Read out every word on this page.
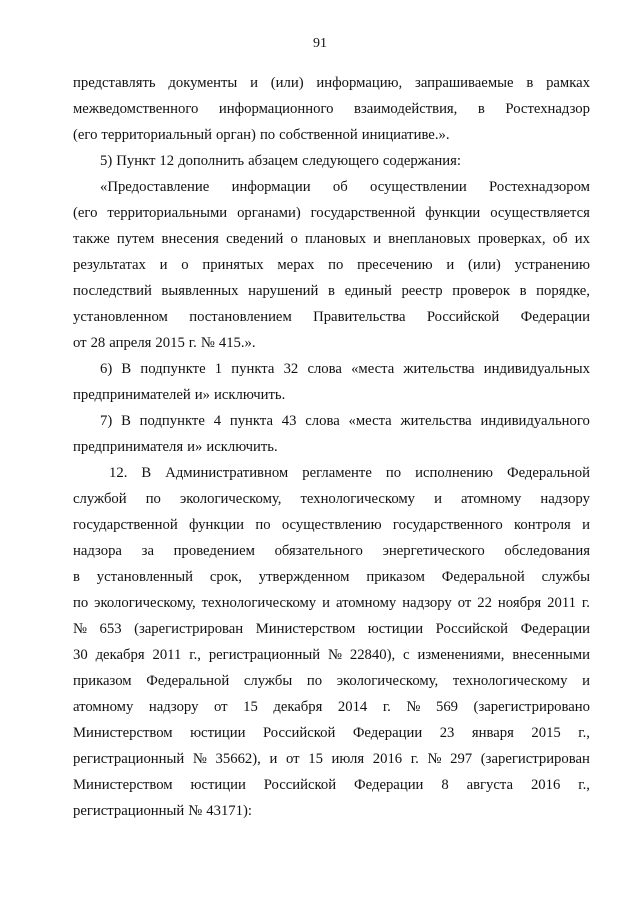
91
представлять документы и (или) информацию, запрашиваемые в рамках
межведомственного информационного взаимодействия, в Ростехнадзор
(его территориальный орган) по собственной инициативе.».
5) Пункт 12 дополнить абзацем следующего содержания:
«Предоставление информации об осуществлении Ростехнадзором
(его территориальными органами) государственной функции осуществляется
также путем внесения сведений о плановых и внеплановых проверках, об их
результатах и о принятых мерах по пресечению и (или) устранению
последствий выявленных нарушений в единый реестр проверок в порядке,
установленном постановлением Правительства Российской Федерации
от 28 апреля 2015 г. № 415.».
6) В подпункте 1 пункта 32 слова «места жительства индивидуальных
предпринимателей и» исключить.
7) В подпункте 4 пункта 43 слова «места жительства индивидуального
предпринимателя и» исключить.
12. В Административном регламенте по исполнению Федеральной
службой по экологическому, технологическому и атомному надзору
государственной функции по осуществлению государственного контроля и
надзора за проведением обязательного энергетического обследования
в установленный срок, утвержденном приказом Федеральной службы
по экологическому, технологическому и атомному надзору от 22 ноября 2011 г.
№ 653 (зарегистрирован Министерством юстиции Российской Федерации
30 декабря 2011 г., регистрационный № 22840), с изменениями, внесенными
приказом Федеральной службы по экологическому, технологическому и
атомному надзору от 15 декабря 2014 г. № 569 (зарегистрировано
Министерством юстиции Российской Федерации 23 января 2015 г.,
регистрационный № 35662), и от 15 июля 2016 г. № 297 (зарегистрирован
Министерством юстиции Российской Федерации 8 августа 2016 г.,
регистрационный № 43171):
